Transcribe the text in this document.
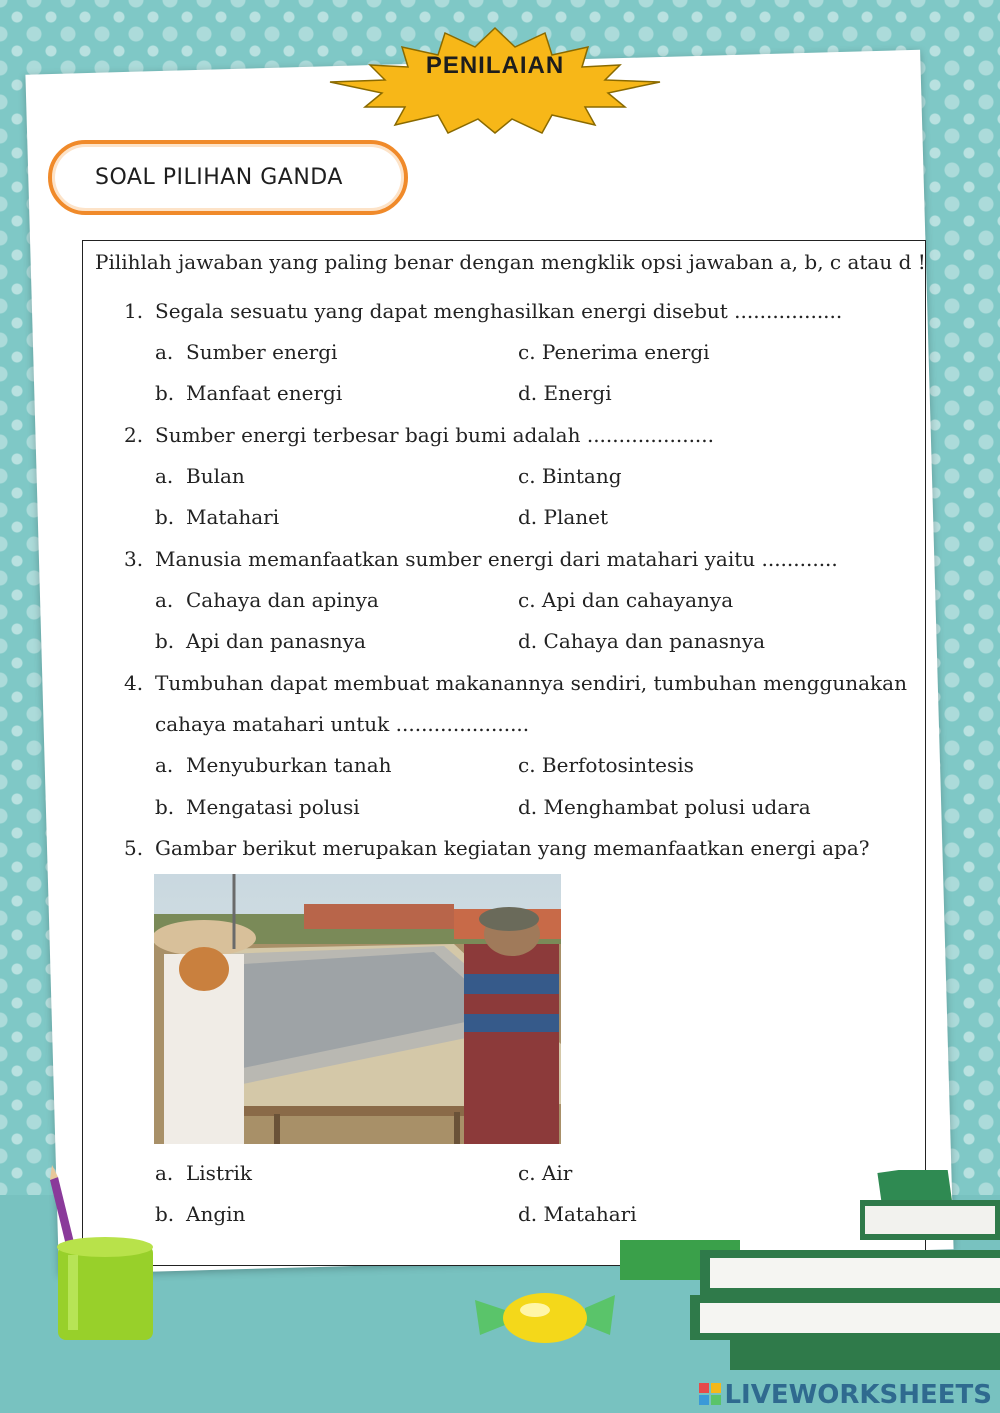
PENILAIAN
SOAL PILIHAN GANDA
Pilihlah jawaban yang paling benar dengan mengklik opsi jawaban a, b, c atau d !
1. Segala sesuatu yang dapat menghasilkan energi disebut .................
a. Sumber energi	c. Penerima energi
b. Manfaat energi	d. Energi
2. Sumber energi terbesar bagi bumi adalah ....................
a. Bulan	c. Bintang
b. Matahari	d. Planet
3. Manusia memanfaatkan sumber energi dari matahari yaitu ............
a. Cahaya dan apinya	c. Api dan cahayanya
b. Api dan panasnya	d. Cahaya dan panasnya
4. Tumbuhan dapat membuat makanannya sendiri, tumbuhan menggunakan
cahaya matahari untuk .....................
a. Menyuburkan tanah	c. Berfotosintesis
b. Mengatasi polusi	d. Menghambat polusi udara
5. Gambar berikut merupakan kegiatan yang memanfaatkan energi apa?
a. Listrik	c. Air
b. Angin	d. Matahari
LIVEWORKSHEETS
